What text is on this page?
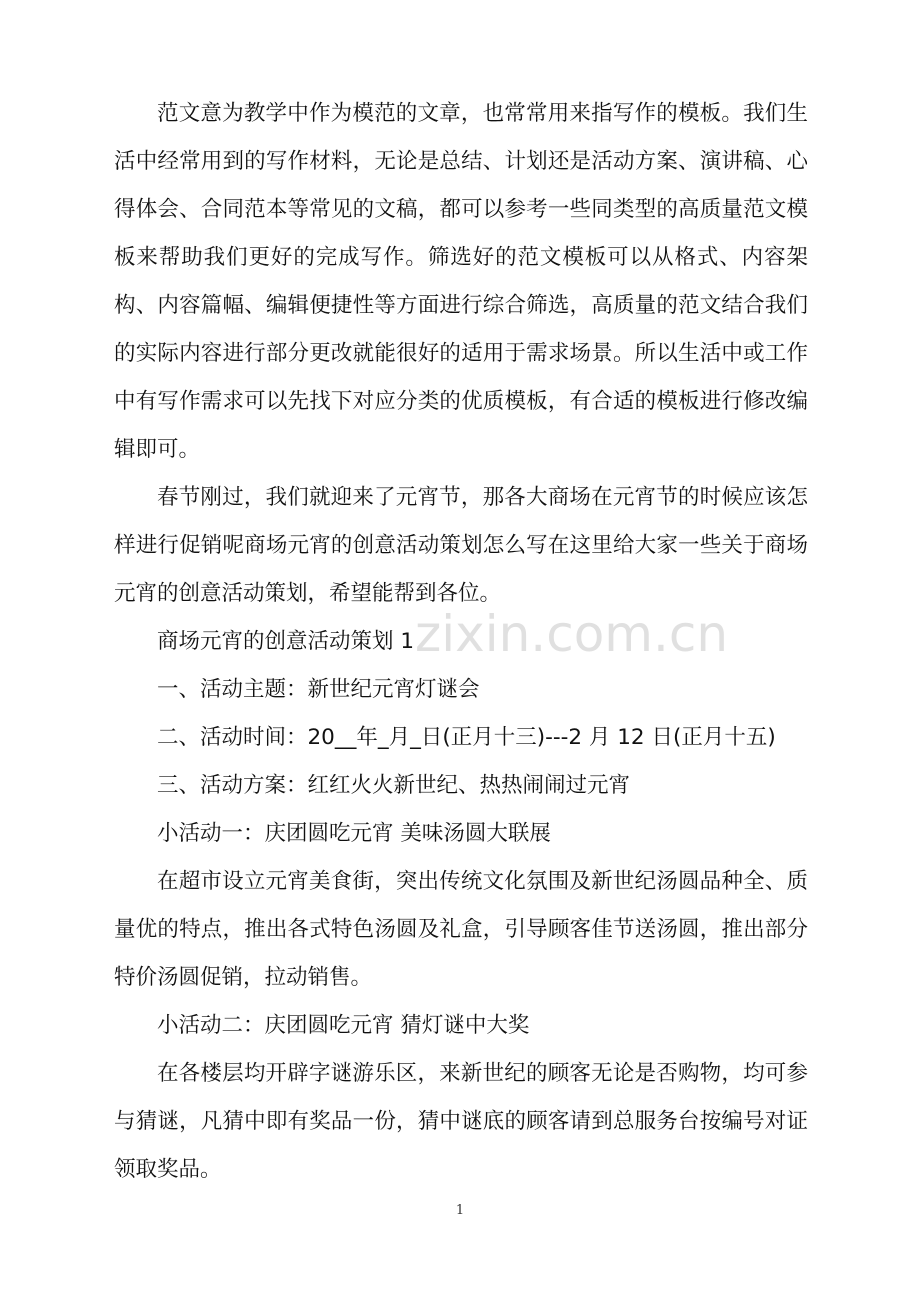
范文意为教学中作为模范的文章，也常常用来指写作的模板。我们生活中经常用到的写作材料，无论是总结、计划还是活动方案、演讲稿、心得体会、合同范本等常见的文稿，都可以参考一些同类型的高质量范文模板来帮助我们更好的完成写作。筛选好的范文模板可以从格式、内容架构、内容篇幅、编辑便捷性等方面进行综合筛选，高质量的范文结合我们的实际内容进行部分更改就能很好的适用于需求场景。所以生活中或工作中有写作需求可以先找下对应分类的优质模板，有合适的模板进行修改编辑即可。

春节刚过，我们就迎来了元宵节，那各大商场在元宵节的时候应该怎样进行促销呢商场元宵的创意活动策划怎么写在这里给大家一些关于商场元宵的创意活动策划，希望能帮到各位。

商场元宵的创意活动策划 1

一、活动主题：新世纪元宵灯谜会

二、活动时间：20__年_月_日(正月十三)---2 月 12 日(正月十五)

三、活动方案：红红火火新世纪、热热闹闹过元宵

小活动一：庆团圆吃元宵 美味汤圆大联展

在超市设立元宵美食街，突出传统文化氛围及新世纪汤圆品种全、质量优的特点，推出各式特色汤圆及礼盒，引导顾客佳节送汤圆，推出部分特价汤圆促销，拉动销售。

小活动二：庆团圆吃元宵 猜灯谜中大奖

在各楼层均开辟字谜游乐区，来新世纪的顾客无论是否购物，均可参与猜谜，凡猜中即有奖品一份，猜中谜底的顾客请到总服务台按编号对证领取奖品。

zixin.com.cn
1
